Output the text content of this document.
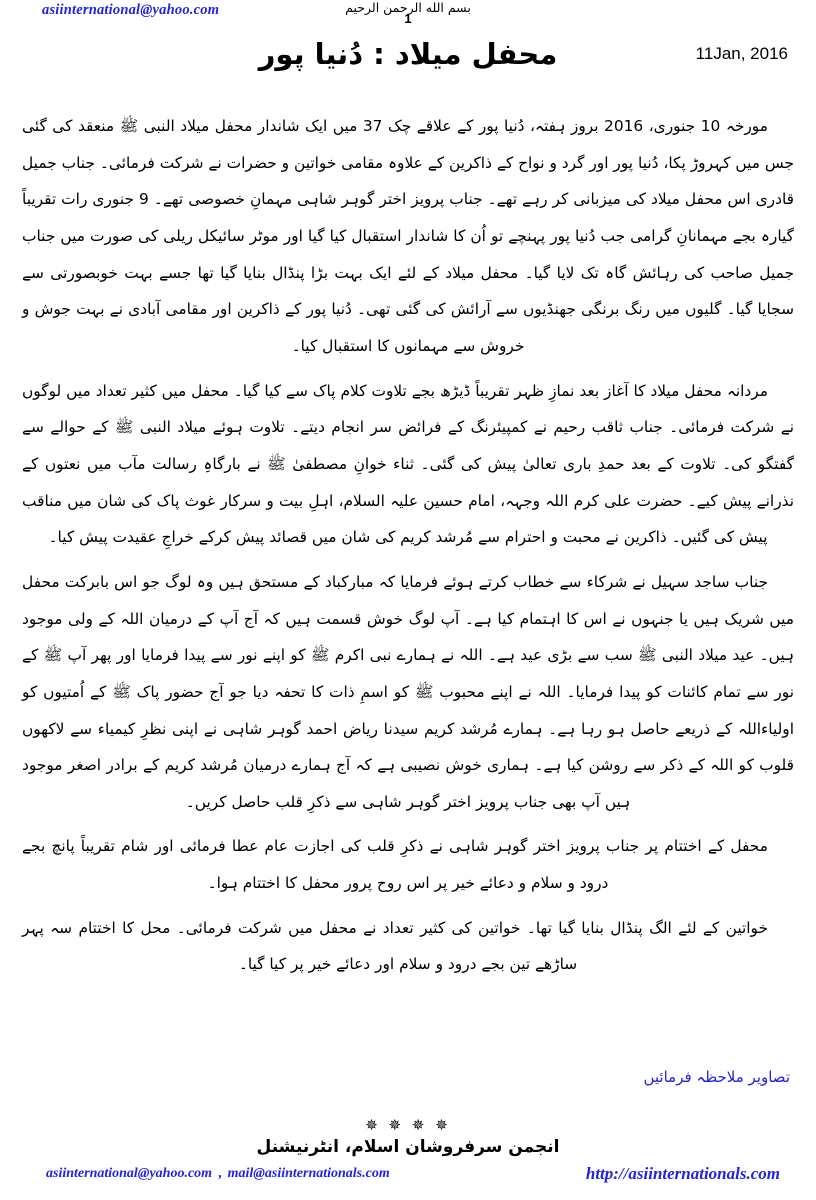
asiinternational@yahoo.com	بسم الله الرحمن الرحيم
1
محفل میلاد : دُنیا پور	11Jan, 2016

مورخہ 10 جنوری، 2016 بروز ہفتہ، دُنیا پور کے علاقے چک 37 میں ایک شاندار محفل میلاد النبی ﷺ منعقد کی گئی جس میں کہروڑ پکا، دُنیا پور اور گرد و نواح کے ذاکرین کے علاوہ مقامی خواتین و حضرات نے شرکت فرمائی۔ جناب جمیل قادری اس محفل میلاد کی میزبانی کر رہے تھے۔ جناب پرویز اختر گوہر شاہی مہمانِ خصوصی تھے۔ 9 جنوری رات تقریباً گیارہ بجے مہمانانِ گرامی جب دُنیا پور پہنچے تو اُن کا شاندار استقبال کیا گیا اور موٹر سائیکل ریلی کی صورت میں جناب جمیل صاحب کی رہائش گاہ تک لایا گیا۔ محفل میلاد کے لئے ایک بہت بڑا پنڈال بنایا گیا تھا جسے بہت خوبصورتی سے سجایا گیا۔ گلیوں میں رنگ برنگی جھنڈیوں سے آرائش کی گئی تھی۔ دُنیا پور کے ذاکرین اور مقامی آبادی نے بہت جوش و خروش سے مہمانوں کا استقبال کیا۔

مردانہ محفل میلاد کا آغاز بعد نمازِ ظہر تقریباً ڈیڑھ بجے تلاوت کلام پاک سے کیا گیا۔ محفل میں کثیر تعداد میں لوگوں نے شرکت فرمائی۔ جناب ثاقب رحیم نے کمپیئرنگ کے فرائض سر انجام دیتے۔ تلاوت ہوئے میلاد النبی ﷺ کے حوالے سے گفتگو کی۔ تلاوت کے بعد حمدِ باری تعالیٰ پیش کی گئی۔ ثناء خوانِ مصطفیٰ ﷺ نے بارگاہِ رسالت مآب میں نعتوں کے نذرانے پیش کیے۔ حضرت علی کرم اللہ وجہہ، امام حسین علیہ السلام، اہلِ بیت و سرکار غوث پاک کی شان میں مناقب پیش کی گئیں۔ ذاکرین نے محبت و احترام سے مُرشد کریم کی شان میں قصائد پیش کرکے خراجِ عقیدت پیش کیا۔

جناب ساجد سہیل نے شرکاء سے خطاب کرتے ہوئے فرمایا کہ مبارکباد کے مستحق ہیں وہ لوگ جو اس بابرکت محفل میں شریک ہیں یا جنہوں نے اس کا اہتمام کیا ہے۔ آپ لوگ خوش قسمت ہیں کہ آج آپ کے درمیان اللہ کے ولی موجود ہیں۔ عید میلاد النبی ﷺ سب سے بڑی عید ہے۔ اللہ نے ہمارے نبی اکرم ﷺ کو اپنے نور سے پیدا فرمایا اور پھر آپ ﷺ کے نور سے تمام کائنات کو پیدا فرمایا۔ اللہ نے اپنے محبوب ﷺ کو اسمِ ذات کا تحفہ دیا جو آج حضور پاک ﷺ کے اُمتیوں کو اولیاءاللہ کے ذریعے حاصل ہو رہا ہے۔ ہمارے مُرشد کریم سیدنا ریاض احمد گوہر شاہی نے اپنی نظرِ کیمیاء سے لاکھوں قلوب کو اللہ کے ذکر سے روشن کیا ہے۔ ہماری خوش نصیبی ہے کہ آج ہمارے درمیان مُرشد کریم کے برادر اصغر موجود ہیں آپ بھی جناب پرویز اختر گوہر شاہی سے ذکرِ قلب حاصل کریں۔

محفل کے اختتام پر جناب پرویز اختر گوہر شاہی نے ذکرِ قلب کی اجازت عام عطا فرمائی اور شام تقریباً پانچ بجے درود و سلام و دعائے خیر پر اس روح پرور محفل کا اختتام ہوا۔

خواتین کے لئے الگ پنڈال بنایا گیا تھا۔ خواتین کی کثیر تعداد نے محفل میں شرکت فرمائی۔ محل کا اختتام سہ پہر ساڑھے تین بجے درود و سلام اور دعائے خیر پر کیا گیا۔

تصاویر ملاحظہ فرمائیں
✵ ✵ ✵ ✵
انجمن سرفروشان اسلام، انٹرنیشنل
asiinternational@yahoo.com , mail@asiinternationals.com	http://asiinternationals.com
